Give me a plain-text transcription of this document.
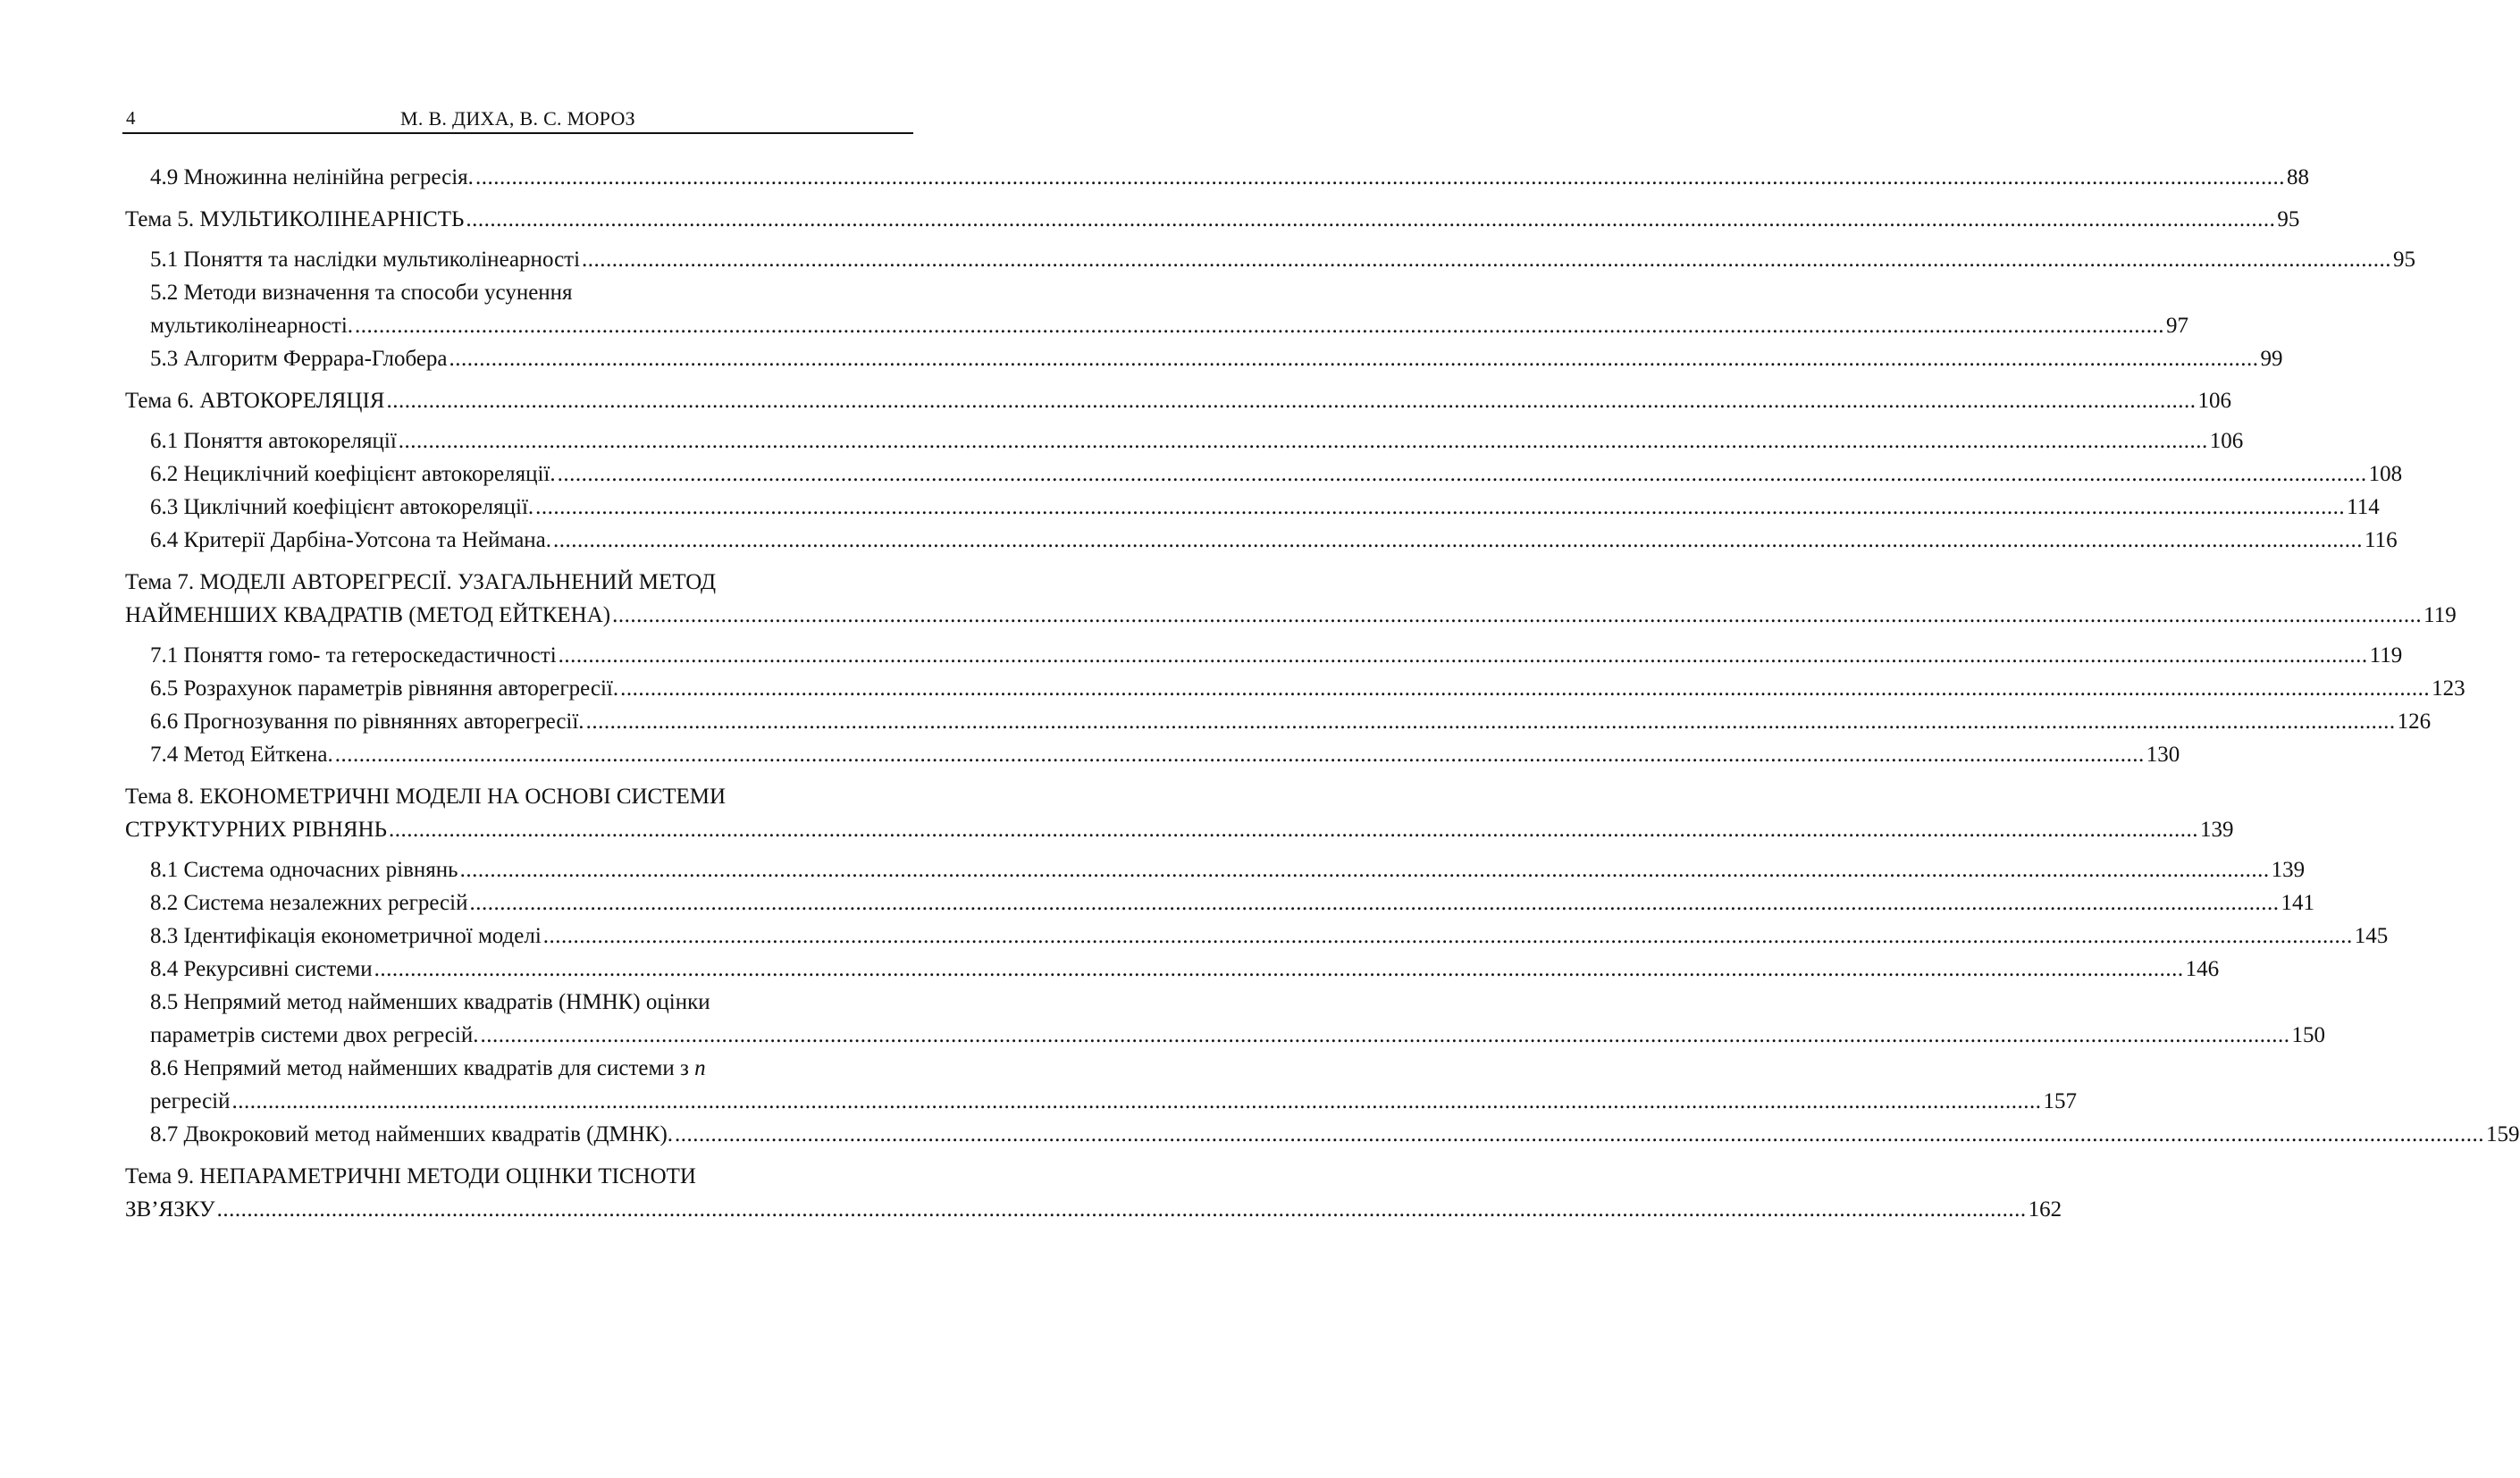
4	М. В. ДИХА, В. С. МОРОЗ
4.9 Множинна нелінійна регресія. ............................................................................................................................................................................................................................................................................................................ 88
Тема 5. МУЛЬТИКОЛІНЕАРНІСТЬ ............................................................................................................................................................................................................................................................................................................ 95
5.1 Поняття та наслідки мультиколінеарності ............................................................................................................................................................................................................................................................................................................ 95
5.2 Методи визначення та способи усунення
мультиколінеарності. ............................................................................................................................................................................................................................................................................................................ 97
5.3 Алгоритм Феррара-Глобера ............................................................................................................................................................................................................................................................................................................ 99
Тема 6. АВТОКОРЕЛЯЦІЯ ............................................................................................................................................................................................................................................................................................................ 106
6.1 Поняття автокореляції ............................................................................................................................................................................................................................................................................................................ 106
6.2 Нециклічний коефіцієнт автокореляції. ............................................................................................................................................................................................................................................................................................................ 108
6.3 Циклічний коефіцієнт автокореляції. ............................................................................................................................................................................................................................................................................................................ 114
6.4 Критерії Дарбіна-Уотсона та Неймана. ............................................................................................................................................................................................................................................................................................................ 116
Тема 7. МОДЕЛІ АВТОРЕГРЕСІЇ. УЗАГАЛЬНЕНИЙ МЕТОД
НАЙМЕНШИХ КВАДРАТІВ (МЕТОД ЕЙТКЕНА) ............................................................................................................................................................................................................................................................................................................ 119
7.1 Поняття гомо- та гетероскедастичності ............................................................................................................................................................................................................................................................................................................ 119
6.5 Розрахунок параметрів рівняння авторегресії. ............................................................................................................................................................................................................................................................................................................ 123
6.6 Прогнозування по рівняннях авторегресії. ............................................................................................................................................................................................................................................................................................................ 126
7.4 Метод Ейткена. ............................................................................................................................................................................................................................................................................................................ 130
Тема 8. ЕКОНОМЕТРИЧНІ МОДЕЛІ НА ОСНОВІ СИСТЕМИ
СТРУКТУРНИХ РІВНЯНЬ ............................................................................................................................................................................................................................................................................................................ 139
8.1 Система одночасних рівнянь ............................................................................................................................................................................................................................................................................................................ 139
8.2 Система незалежних регресій ............................................................................................................................................................................................................................................................................................................ 141
8.3 Ідентифікація економетричної моделі ............................................................................................................................................................................................................................................................................................................ 145
8.4 Рекурсивні системи ............................................................................................................................................................................................................................................................................................................ 146
8.5 Непрямий метод найменших квадратів (НМНК) оцінки
параметрів системи двох регресій. ............................................................................................................................................................................................................................................................................................................ 150
8.6 Непрямий метод найменших квадратів для системи з n
регресій ............................................................................................................................................................................................................................................................................................................ 157
8.7 Двокроковий метод найменших квадратів (ДМНК). ............................................................................................................................................................................................................................................................................................................ 159
Тема 9. НЕПАРАМЕТРИЧНІ МЕТОДИ ОЦІНКИ ТІСНОТИ
ЗВ’ЯЗКУ ............................................................................................................................................................................................................................................................................................................ 162
